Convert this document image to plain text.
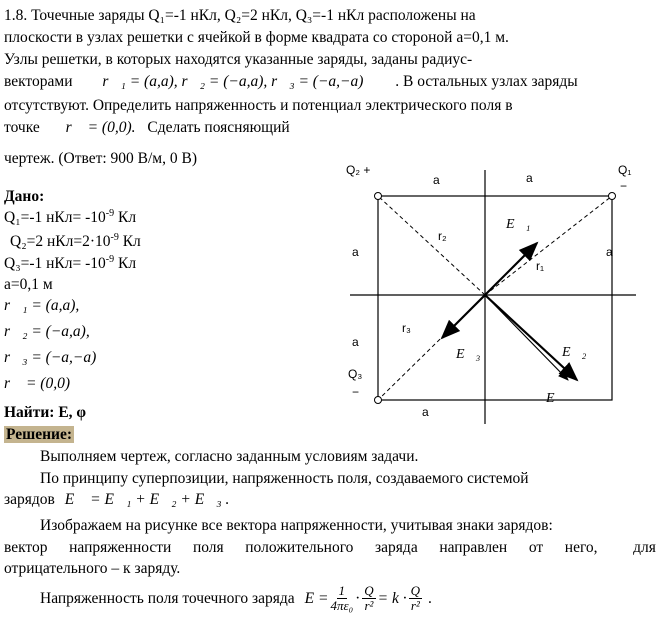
1.8. Точечные заряды Q₁=-1 нКл, Q₂=2 нКл, Q₃=-1 нКл расположены на
плоскости в узлах решетки с ячейкой в форме квадрата со стороной а=0,1 м.
Узлы решетки, в которых находятся указанные заряды, заданы радиус-
векторами r⃗₁ = (a,a), r⃗₂ = (−a,a), r⃗₃ = (−a,−a) . В остальных узлах заряды
отсутствуют. Определить напряженность и потенциал электрического поля в
точке r⃗ = (0,0). Сделать поясняющий
чертеж. (Ответ: 900 В/м, 0 В)
Дано:
Q₁=-1 $нКл= -10^{-9}$ Кл
Q₂=2 $нКл=2\cdot 10^{-9}$ Кл
Q₃=-1 $нКл= -10^{-9}$ Кл
a=0,1 м
r⃗₁ = (a,a),
r⃗₂ = (−a,a),
r⃗₃ = (−a,−a)
r⃗ = (0,0)
Найти: E, φ
Решение:
Выполняем чертеж, согласно заданным условиям задачи.
По принципу суперпозиции, напряженность поля, создаваемого системой
зарядов E⃗ = E⃗₁ + E⃗₂ + E⃗₃ .
Изображаем на рисунке все вектора напряженности, учитывая знаки зарядов:
вектор напряженности поля положительного заряда направлен от него, для
отрицательного – к заряду.
Напряженность поля точечного заряда $E = \frac{1}{\text{4πε₀}} \cdot \frac{Q}{\text{r²}} = k \cdot \frac{Q}{\text{r²}}$ .
Q₂ +	Q₁
−
Q₃
−
a	a
a	a
a
a
r₁
r₂
r₃
E⃗₁
E⃗₂
E⃗₃
E⃗
